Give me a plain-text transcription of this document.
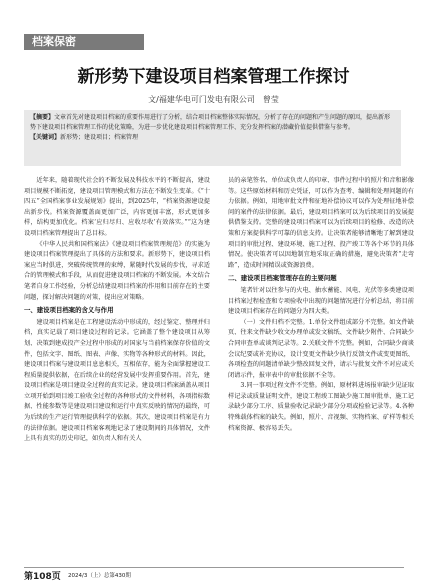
档案保密
新形势下建设项目档案管理工作探讨
文/福建华电可门发电有限公司　曾莹
【摘要】文章首先对建设项目档案的重要作用进行了分析，结合项目档案整体实际情况，分析了存在的问题和产生问题的原因，提出新形势下建设项目档案管理工作的优化策略，为进一步优化建设项目档案管理工作、充分发挥档案的潜藏价值提供借鉴与参考。
【关键词】新形势；建设项目；档案管理

近年来，随着现代社会的不断发展及科技水平的不断提高，建设项目规模不断拓宽，建设项目管理模式和方法在不断发生变革。《“十四五”全国档案事业发展规划》提出，到2025年，“档案资源建设提出新步伐。档案资源覆盖面更加广泛，内容更加丰富，形式更加多样，结构更加优化。档案‘应归尽归、应收尽收’有效落实。”“这为建设项目档案管理提出了总目标。

《中华人民共和国档案法》《建设项目档案管理规范》的实施为建设项目档案管理提出了具体的方法和要求。新形势下，建设项目档案应当时俱进，突破传统管理的束缚，紧随时代发展的步伐，寻求适合的管理模式和手段，从而促进建设项目档案的不断发展。本文结合笔者自身工作经验，分析总结建设项目档案的作用和目前存在的主要问题，探讨解决问题的对策，提出应对策略。

一、建设项目档案的含义与作用

建设项目档案是在工程建设活动中形成的，经过鉴定、整理并归档，真实记载了项目建设过程的记录。它涵盖了整个建设项目从筹划、决策到建成投产全过程中形成的对国家与当前档案保存价值的文件，包括文字、图纸、图表、声像、实物等各种形式的材料。因此，建设项目档案与建设项目息息相关，互相依存，能为全面掌握建设工程质量提供依据，在后续企业的经营发展中发挥重要作用。首先，建设项目档案是项目建设全过程的真实记录。建设项目档案涵盖从项目立项开始到项目竣工验收全过程的各种形式的文件材料，各项指标数据、性能参数等是建设项目建设和运行中真实反映的情况的最终，可为后续的生产运行管理提供科学的依据。其次，建设项目档案是有力的法律依据。建设项目档案客观地记录了建设期间的具体情况，文件上具有真实的历史印记，如负责人和有关人

员的亲笔签名、单位或负责人的印章、事件过程中的照片和音和影像等。这些原始材料和历史凭证，可以作为查考、编辑和处理问题的有力依据。例如，用地审批文件和征地补偿协议可以作为处理征地补偿问的案件的法律依据。最后，建设项目档案可以为后续项目的发展提供借鉴支持。完整的建设项目档案可以为后续项目的检修、改造的决策和方案提供科学可靠的信息支持。让决策者能够清晰地了解到建设项目的审批过程、建设环境、施工过程、投产竣工等各个环节的具体情况。使决策者可以因地制宜地采取正确的措施，避免决策者“走弯路”，造成时间精误或资源浪费。

二、建设项目档案管理存在的主要问题

笔者针对以往参与的火电、抽水蓄能、风电、光伏等多类建设项目档案过程检查和专项验收中出现的问题情况进行分析总结，将目前建设项目档案存在的问题分为四大类。

（一）文件归档不完整。1.单份文件组成部分不完整。如文件缺页、往来文件缺少收文办理单或发文稿纸、文件缺少附件、合同缺少合同审查单或谈判记录等。2.关联文件不完整。例如，合同缺少商谈会议纪要或补充协议，设计变更文件缺少执行反馈文件或变更图纸、各项检查的问题清单缺少整改回复文件，请示与批复文件不对应或关闭请示件，报审表中的审批依据不全等。

3.同一事项过程文件不完整。例如，原材料进场报审缺少见证取样记录或质量证明文件，建设工程竣工图缺少施工图审批单、施工记录缺少部分工序、质量验收记录缺少部分分项或检验记录等。4.各种特殊载体档案的缺失。例如，照片、音视频、实物档案、矿样等相关档案资源、极容易丢失。

第108页 2024/3（上）总第430期
